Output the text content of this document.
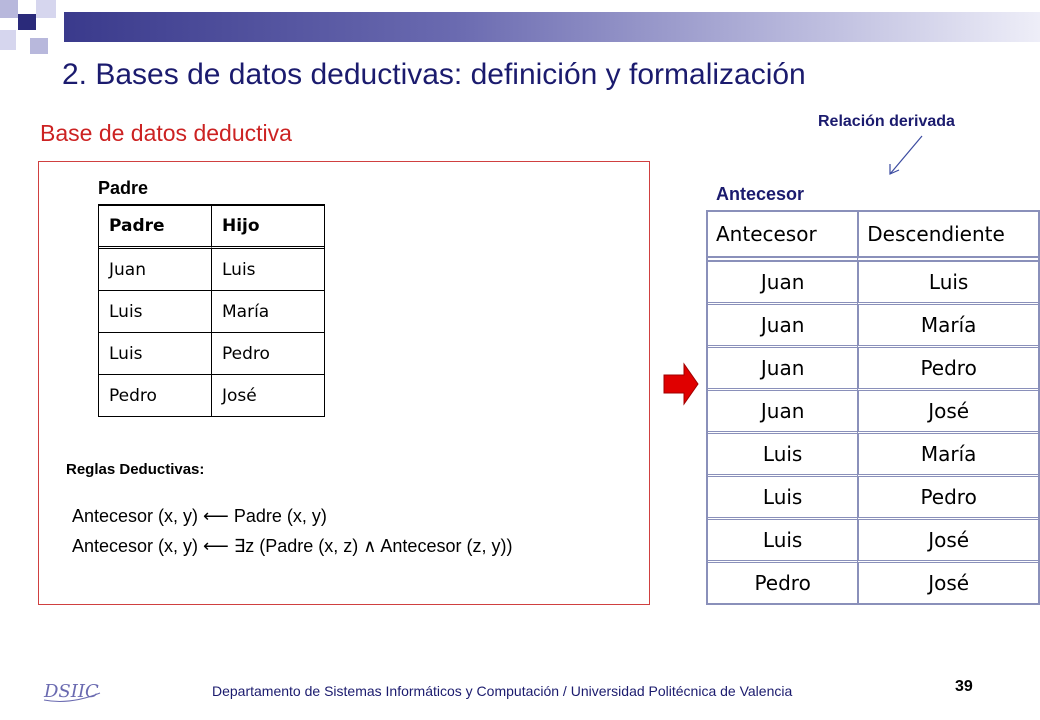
2. Bases de datos deductivas: definición y formalización
Base de datos deductiva
Padre
Padre	Hijo
Juan	Luis
Luis	María
Luis	Pedro
Pedro	José
Reglas Deductivas:
Antecesor (x, y) ⟵ Padre (x, y)
Antecesor (x, y) ⟵ ∃z (Padre (x, z) ∧ Antecesor (z, y))
Relación derivada
Antecesor
Antecesor	Descendiente
Juan	Luis
Juan	María
Juan	Pedro
Juan	José
Luis	María
Luis	Pedro
Luis	José
Pedro	José
DSIIC	Departamento de Sistemas Informáticos y Computación / Universidad Politécnica de Valencia	39
